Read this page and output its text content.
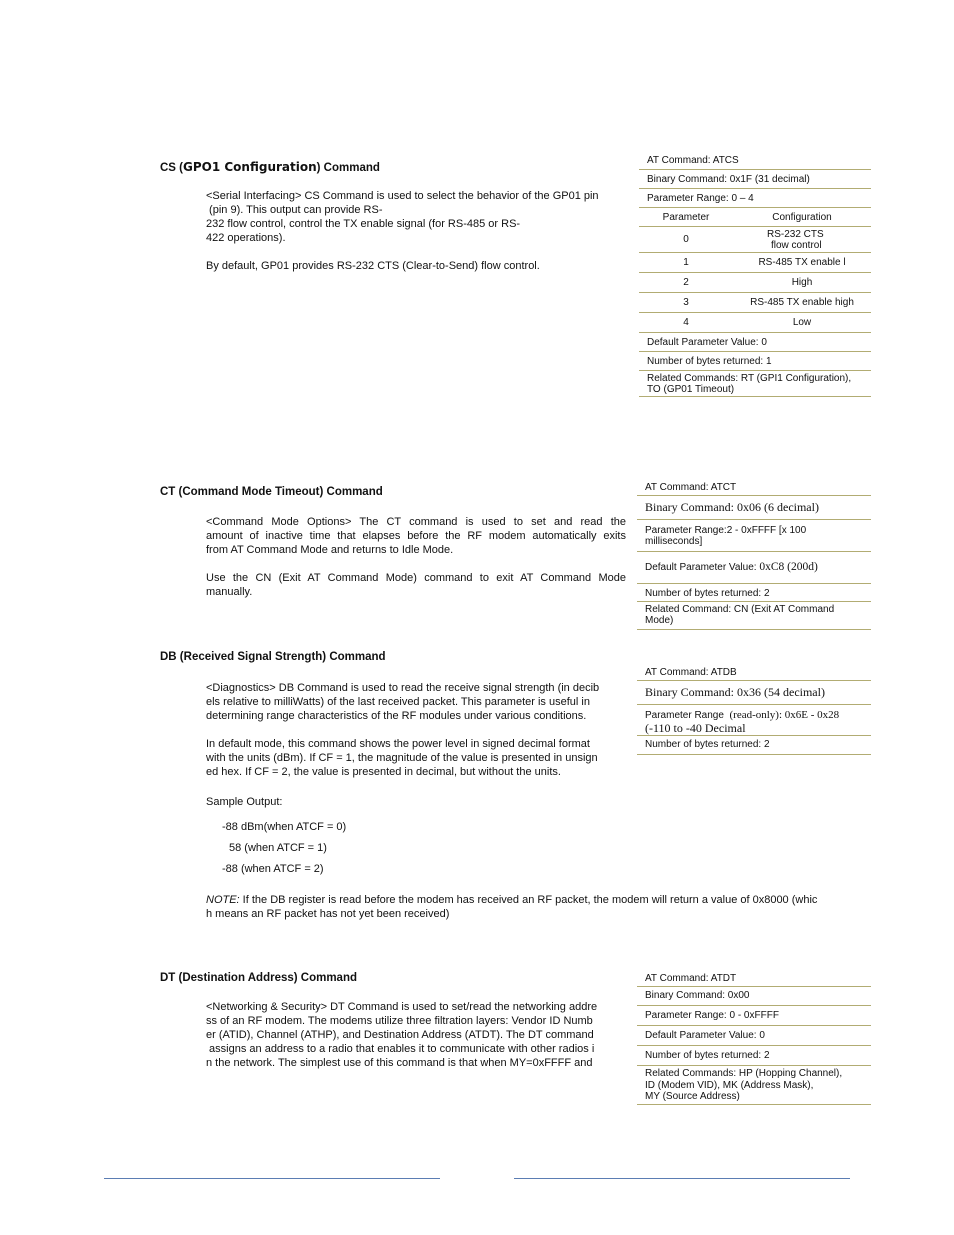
CS (GPO1 Configuration) Command

<Serial Interfacing> CS Command is used to select the behavior of the GP01 pin

(pin 9). This output can provide RS-

232 flow control, control the TX enable signal (for RS-485 or RS-

422 operations).

By default, GP01 provides RS-232 CTS (Clear-to-Send) flow control.

AT Command: ATCS
Binary Command: 0x1F (31 decimal)
Parameter Range: 0 – 4
Parameter	Configuration
0	RS-232 CTS
flow control
1	RS-485 TX enable l
2	High
3	RS-485 TX enable high
4	Low
Default Parameter Value: 0
Number of bytes returned: 1
Related Commands: RT (GPI1 Configuration),
TO (GP01 Timeout)
CT (Command Mode Timeout) Command

<Command Mode Options> The CT command is used to set and read the

amount of inactive time that elapses before the RF modem automatically exits

from AT Command Mode and returns to Idle Mode.

Use the CN (Exit AT Command Mode) command to exit AT Command Mode

manually.

AT Command: ATCT
Binary Command: 0x06 (6 decimal)
Parameter Range:2 - 0xFFFF [x 100
milliseconds]
Default Parameter Value: 0xC8 (200d)
Number of bytes returned: 2
Related Command: CN (Exit AT Command
Mode)
DB (Received Signal Strength) Command

<Diagnostics> DB Command is used to read the receive signal strength (in decib

els relative to milliWatts) of the last received packet. This parameter is useful in

determining range characteristics of the RF modules under various conditions.

In default mode, this command shows the power level in signed decimal format

with the units (dBm). If CF = 1, the magnitude of the value is presented in unsign

ed hex. If CF = 2, the value is presented in decimal, but without the units.

Sample Output:

-88 dBm(when ATCF = 0)
58 (when ATCF = 1)
-88 (when ATCF = 2)

NOTE: If the DB register is read before the modem has received an RF packet, the modem will return a value of 0x8000 (whic

h means an RF packet has not yet been received)

AT Command: ATDB
Binary Command: 0x36 (54 decimal)
Parameter Range  (read-only): 0x6E - 0x28
(-110 to -40 Decimal
Number of bytes returned: 2
DT (Destination Address) Command

<Networking & Security> DT Command is used to set/read the networking addre

ss of an RF modem. The modems utilize three filtration layers: Vendor ID Numb

er (ATID), Channel (ATHP), and Destination Address (ATDT). The DT command

assigns an address to a radio that enables it to communicate with other radios i

n the network. The simplest use of this command is that when MY=0xFFFF and

AT Command: ATDT
Binary Command: 0x00
Parameter Range: 0 - 0xFFFF
Default Parameter Value: 0
Number of bytes returned: 2
Related Commands: HP (Hopping Channel),
ID (Modem VID), MK (Address Mask),
MY (Source Address)
